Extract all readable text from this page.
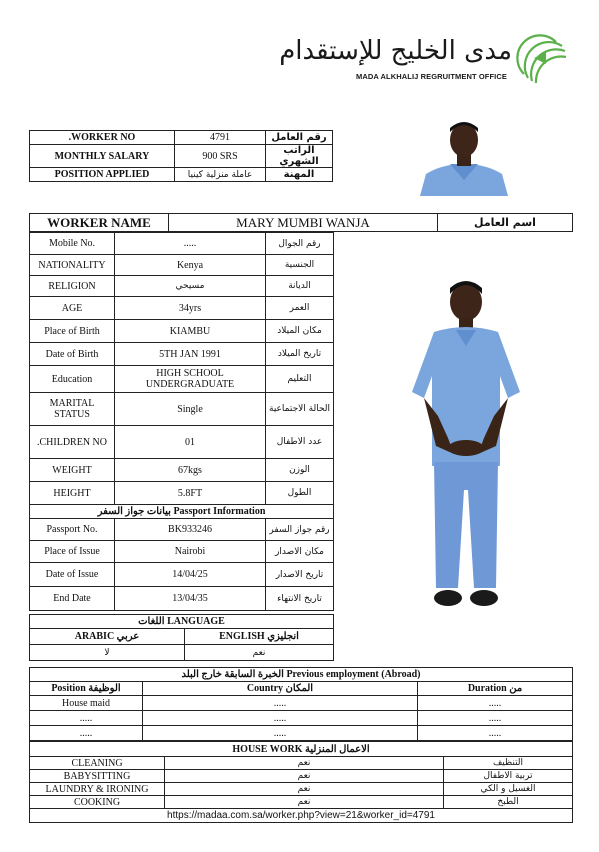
مدى الخليج للإستقدام
MADA ALKHALIJ REGRUITMENT OFFICE
.WORKER NO	4791	رقم العامل
MONTHLY SALARY	900 SRS	الراتب الشهري
POSITION APPLIED	عاملة منزلية كينيا	المهنة
WORKER NAME	MARY MUMBI WANJA	اسم العامل
Mobile No.	.....	رقم الجوال
NATIONALITY	Kenya	الجنسية
RELIGION	مسيحي	الديانة
AGE	34yrs	العمر
Place of Birth	KIAMBU	مكان الميلاد
Date of Birth	5TH JAN 1991	تاريخ الميلاد
Education	HIGH SCHOOL UNDERGRADUATE	التعليم
MARITAL STATUS	Single	الحالة الاجتماعية
.CHILDREN NO	01	عدد الاطفال
WEIGHT	67kgs	الوزن
HEIGHT	5.8FT	الطول
بيانات جواز السفر Passport Information		
Passport No.	BK933246	رقم جواز السفر
Place of Issue	Nairobi	مكان الاصدار
Date of Issue	14/04/25	تاريخ الاصدار
End Date	13/04/35	تاريخ الانتهاء
اللغات LANGUAGE	
ARABIC عربي	ENGLISH انجليزي
لا	نعم
الخبرة السابقة خارج البلد Previous employment (Abroad)		
Position الوظيفة	Country المكان	Duration من
House maid	.....	.....
.....	.....	.....
.....	.....	.....
HOUSE WORK الاعمال المنزلية		
CLEANING	نعم	التنظيف
BABYSITTING	نعم	تربية الاطفال
LAUNDRY & IRONING	نعم	الغسيل و الكي
COOKING	نعم	الطبخ
https://madaa.com.sa/worker.php?view=21&worker_id=4791		
